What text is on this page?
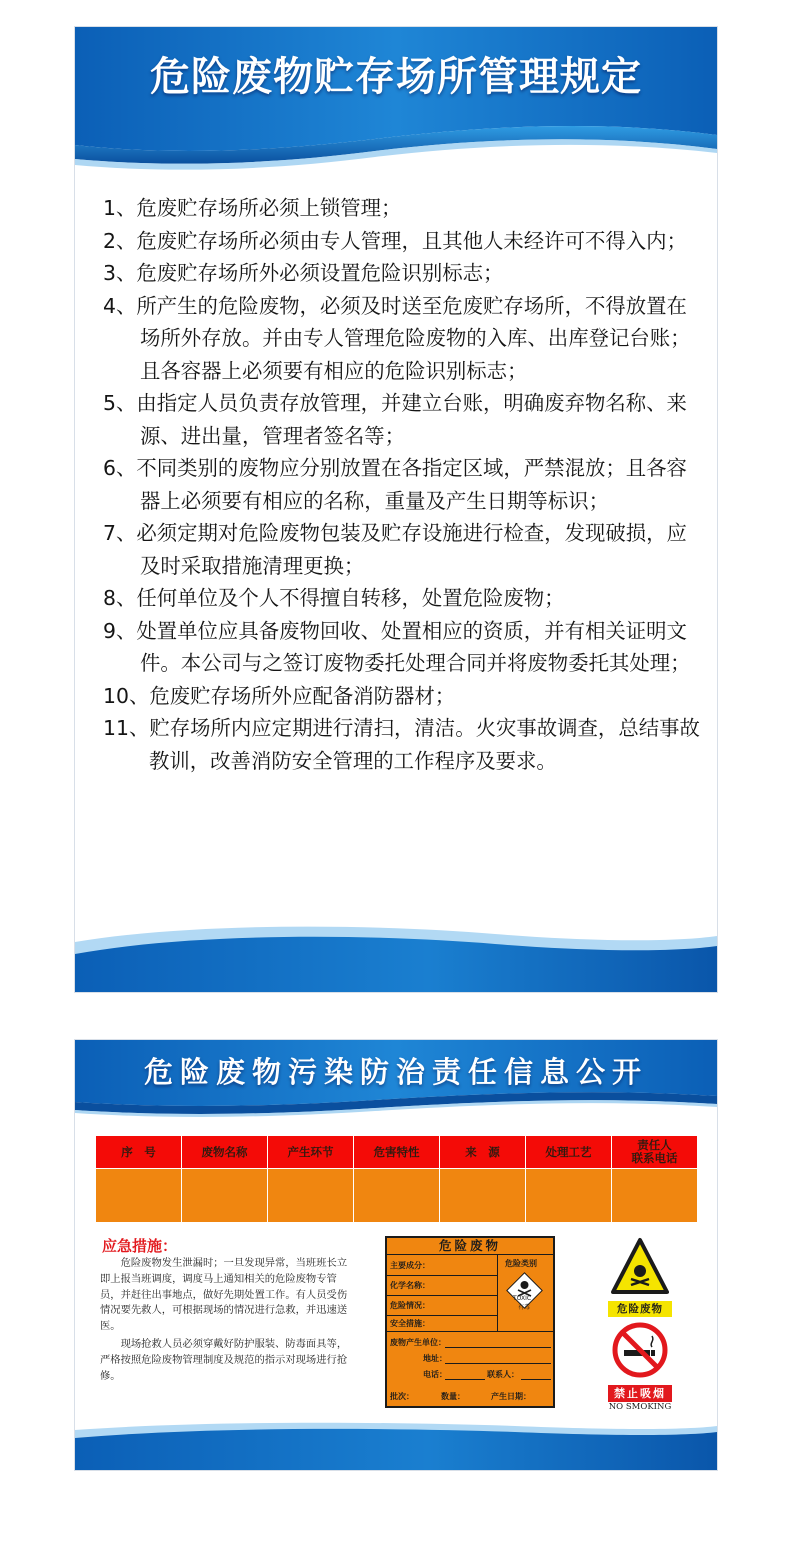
危险废物贮存场所管理规定
1、危废贮存场所必须上锁管理；
2、危废贮存场所必须由专人管理，且其他人未经许可不得入内；
3、危废贮存场所外必须设置危险识别标志；
4、所产生的危险废物，必须及时送至危废贮存场所，不得放置在场所外存放。并由专人管理危险废物的入库、出库登记台账；且各容器上必须要有相应的危险识别标志；
5、由指定人员负责存放管理，并建立台账，明确废弃物名称、来源、进出量，管理者签名等；
6、不同类别的废物应分别放置在各指定区域，严禁混放；且各容器上必须要有相应的名称，重量及产生日期等标识；
7、必须定期对危险废物包装及贮存设施进行检查，发现破损，应及时采取措施清理更换；
8、任何单位及个人不得擅自转移，处置危险废物；
9、处置单位应具备废物回收、处置相应的资质，并有相关证明文件。本公司与之签订废物委托处理合同并将废物委托其处理；
10、危废贮存场所外应配备消防器材；
11、贮存场所内应定期进行清扫，清洁。火灾事故调查，总结事故教训，改善消防安全管理的工作程序及要求。
危险废物污染防治责任信息公开
序　号	废物名称	产生环节	危害特性	来　源	处理工艺	责任人
联系电话
应急措施：

危险废物发生泄漏时；一旦发现异常，当班班长立即上报当班调度，调度马上通知相关的危险废物专管员，并赶往出事地点，做好先期处置工作。有人员受伤情况要先救人，可根据现场的情况进行急救，并迅速送医。

现场抢救人员必须穿戴好防护服装、防毒面具等，严格按照危险废物管理制度及规范的指示对现场进行抢修。

危险废物
主要成分：
化学名称：
危险情况：
安全措施：
危险类别
TOXIC
有毒
废物产生单位：
地址：
电话：	联系人：
批次：	数量：	产生日期：
危险废物
禁止吸烟
NO SMOKING
